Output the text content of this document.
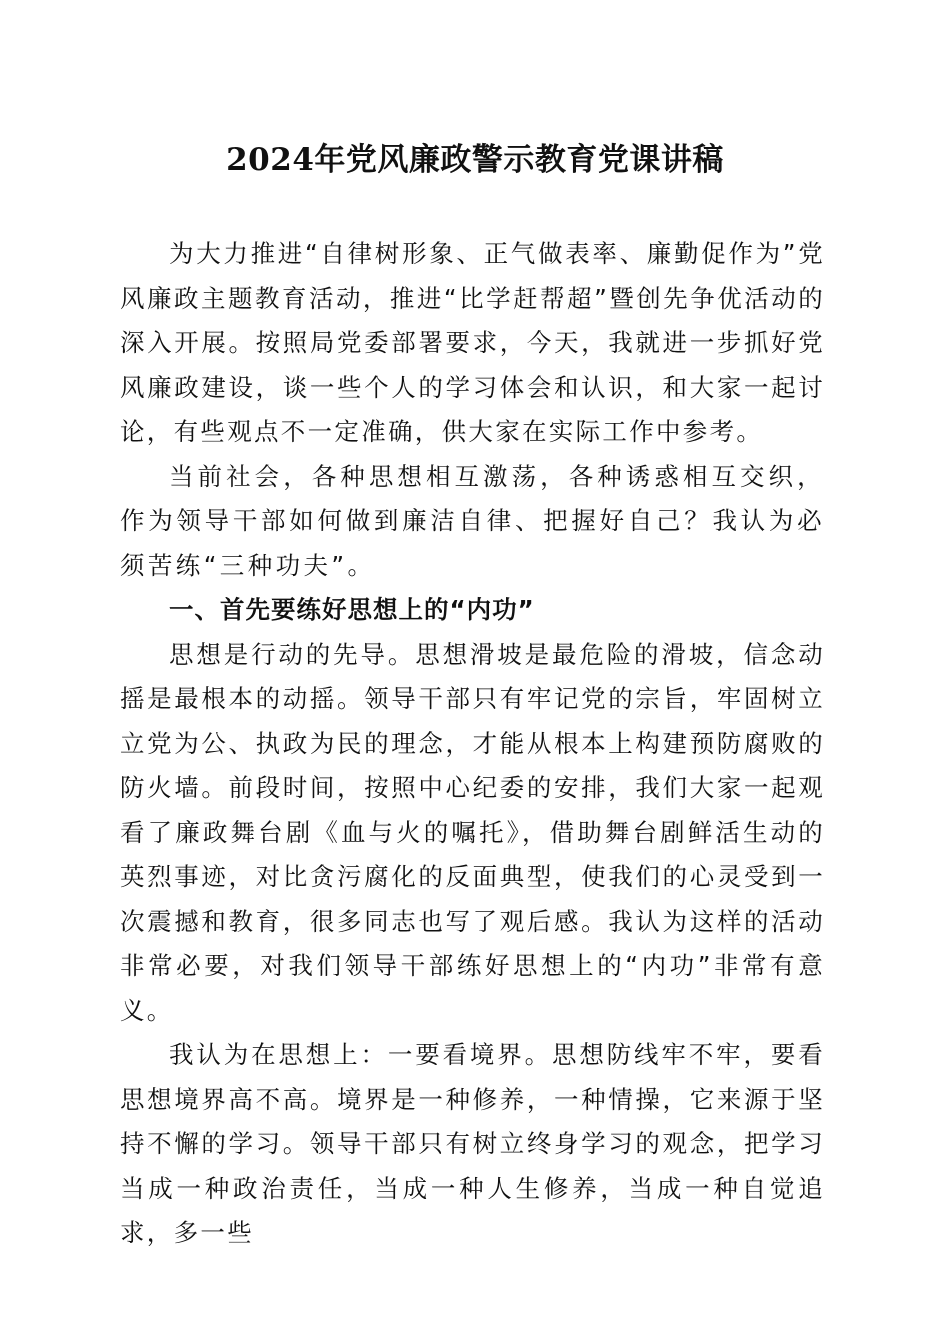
2024年党风廉政警示教育党课讲稿

为大力推进“自律树形象、正气做表率、廉勤促作为”党风廉政主题教育活动，推进“比学赶帮超”暨创先争优活动的深入开展。按照局党委部署要求，今天，我就进一步抓好党风廉政建设，谈一些个人的学习体会和认识，和大家一起讨论，有些观点不一定准确，供大家在实际工作中参考。

当前社会，各种思想相互激荡，各种诱惑相互交织，作为领导干部如何做到廉洁自律、把握好自己？我认为必须苦练“三种功夫”。

一、首先要练好思想上的“内功”

思想是行动的先导。思想滑坡是最危险的滑坡，信念动摇是最根本的动摇。领导干部只有牢记党的宗旨，牢固树立立党为公、执政为民的理念，才能从根本上构建预防腐败的防火墙。前段时间，按照中心纪委的安排，我们大家一起观看了廉政舞台剧《血与火的嘱托》，借助舞台剧鲜活生动的英烈事迹，对比贪污腐化的反面典型，使我们的心灵受到一次震撼和教育，很多同志也写了观后感。我认为这样的活动非常必要，对我们领导干部练好思想上的“内功”非常有意义。

我认为在思想上：一要看境界。思想防线牢不牢，要看思想境界高不高。境界是一种修养，一种情操，它来源于坚持不懈的学习。领导干部只有树立终身学习的观念，把学习当成一种政治责任，当成一种人生修养，当成一种自觉追求，多一些
